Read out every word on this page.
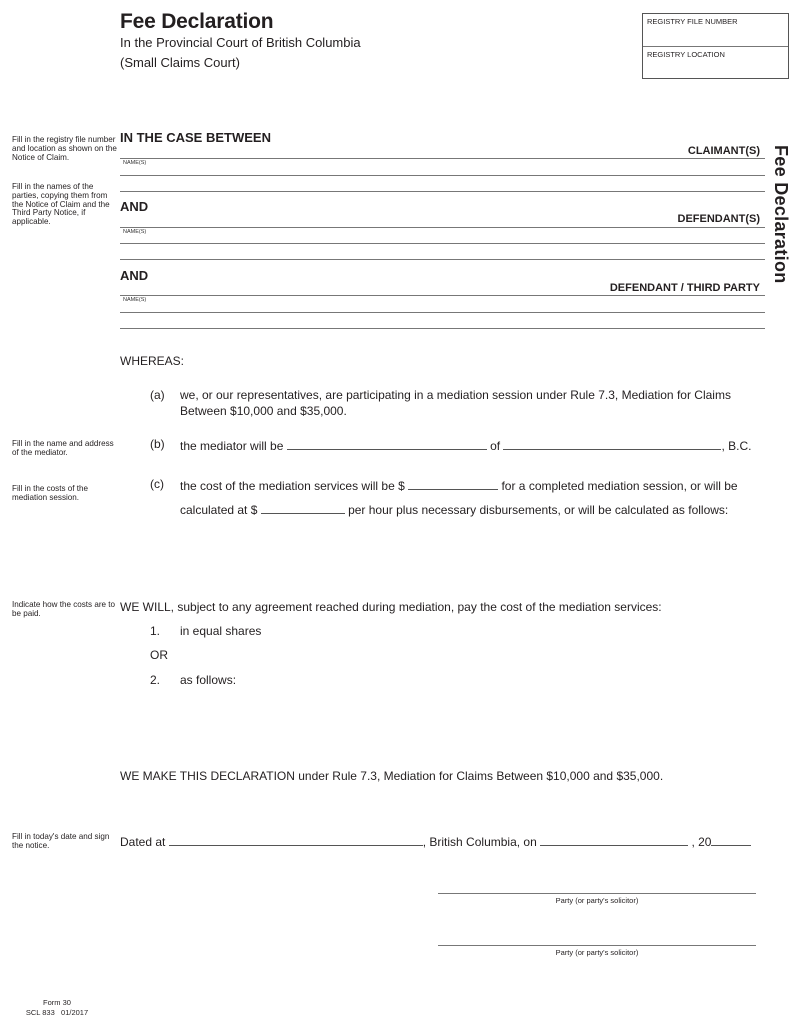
Fee Declaration
In the Provincial Court of British Columbia
(Small Claims Court)
REGISTRY FILE NUMBER
REGISTRY LOCATION
Fee Declaration
Fill in the registry file number and location as shown on the Notice of Claim.
Fill in the names of the parties, copying them from the Notice of Claim and the Third Party Notice, if applicable.
Fill in the name and address of the mediator.
Fill in the costs of the mediation session.
Indicate how the costs are to be paid.
Fill in today's date and sign the notice.
IN THE CASE BETWEEN
CLAIMANT(S)
NAME(S)
AND
DEFENDANT(S)
NAME(S)
AND
DEFENDANT / THIRD PARTY
NAME(S)
WHEREAS:
(a) we, or our representatives, are participating in a mediation session under Rule 7.3, Mediation for Claims
Between $10,000 and $35,000.
(b) the mediator will be	of	, B.C.
(c) the cost of the mediation services will be $	for a completed mediation session, or will be
calculated at $	per hour plus necessary disbursements, or will be calculated as follows:
WE WILL, subject to any agreement reached during mediation, pay the cost of the mediation services:
1. in equal shares
OR
2. as follows:
WE MAKE THIS DECLARATION under Rule 7.3, Mediation for Claims Between $10,000 and $35,000.
Dated at	, British Columbia, on	, 20
Party (or party's solicitor)
Party (or party's solicitor)
Form 30
SCL 833   01/2017
